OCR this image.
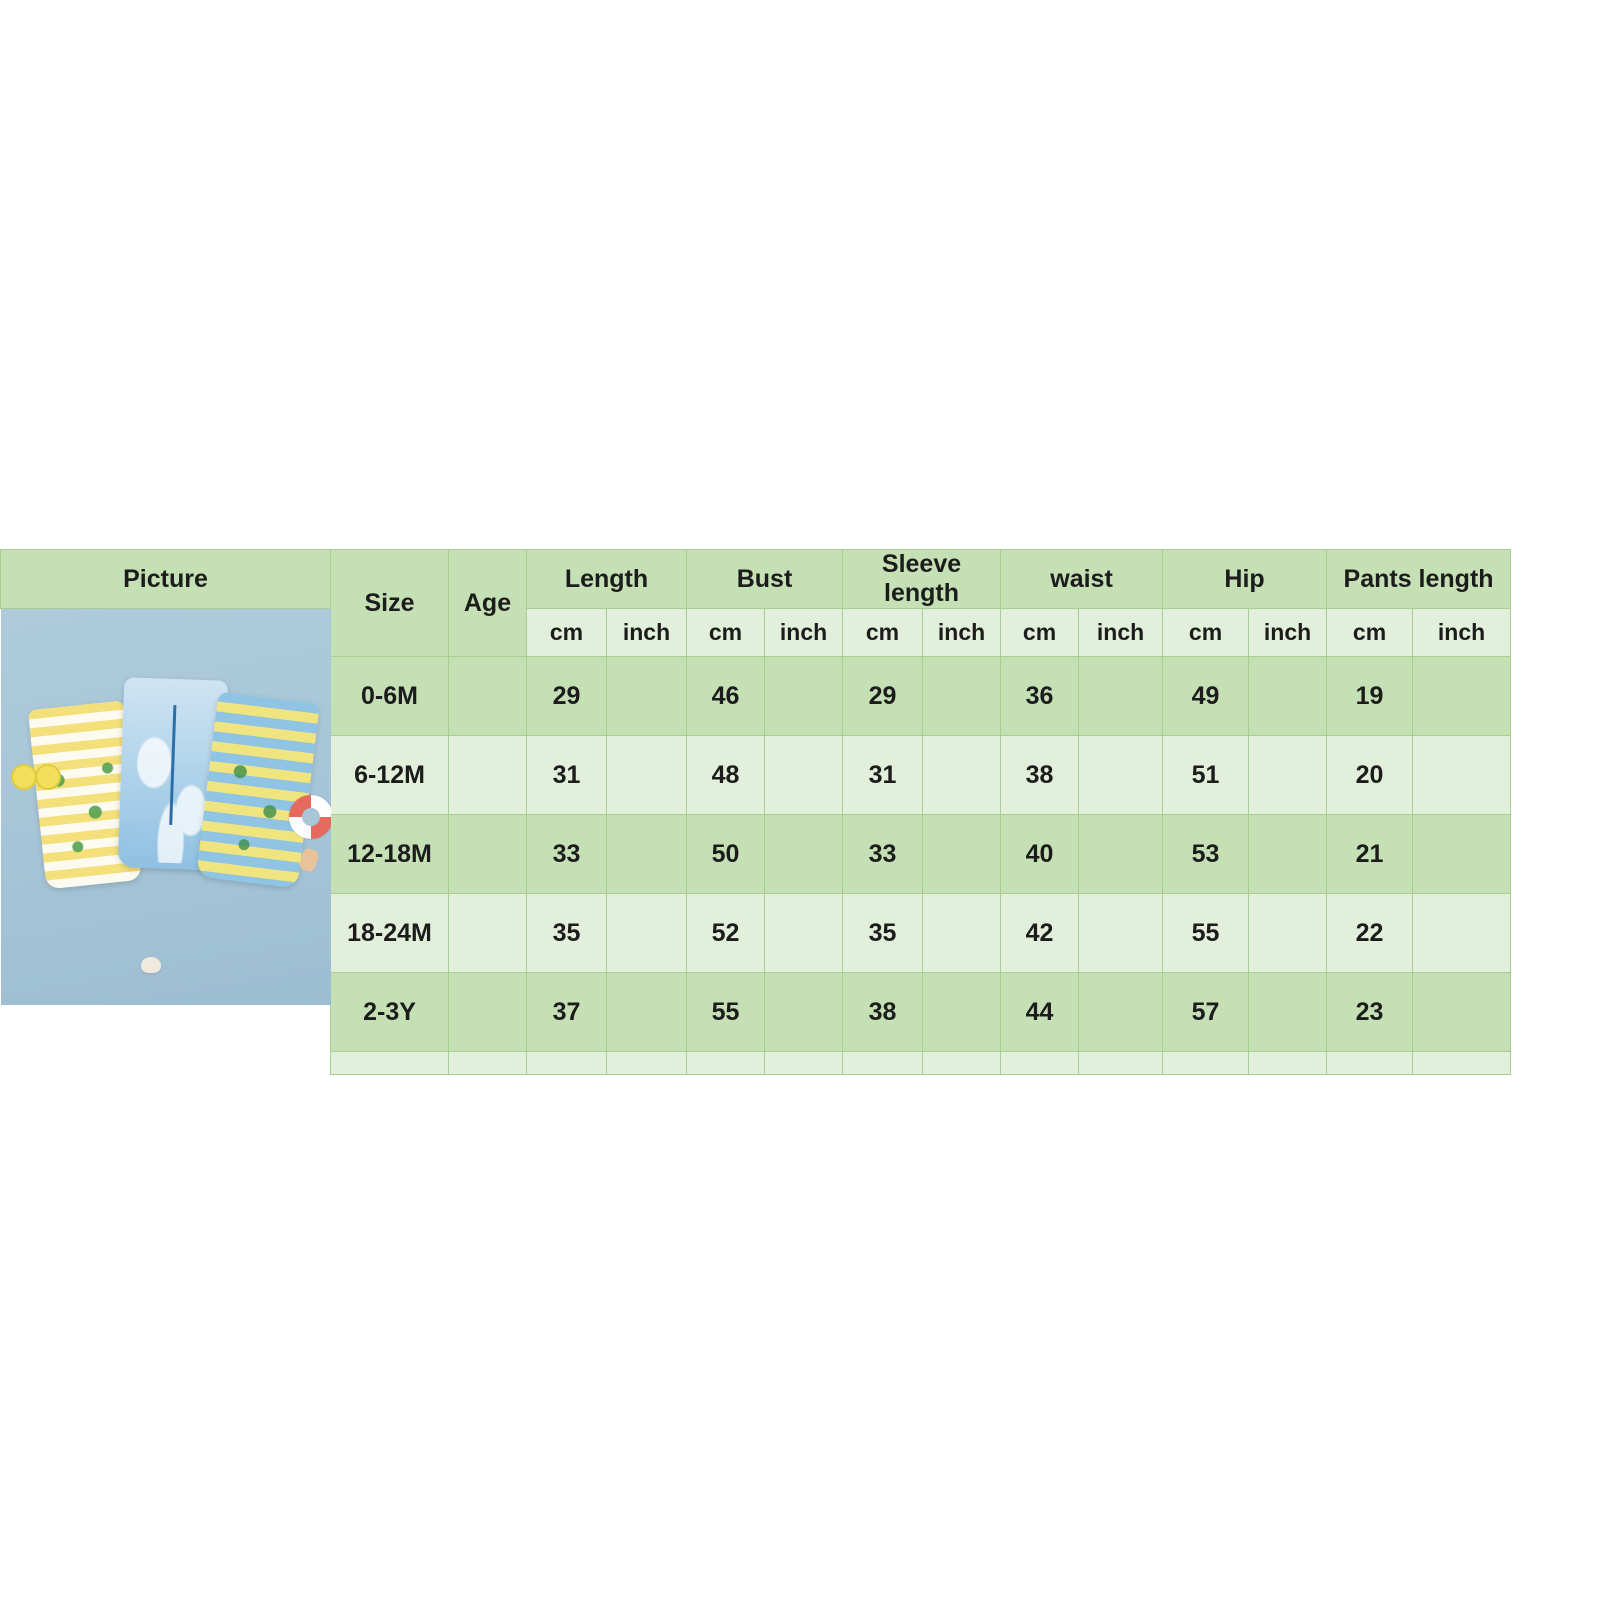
Picture	Size	Age	Length		Bust		Sleeve length		waist		Hip		Pants length	

			cm	inch	cm	inch	cm	inch	cm	inch	cm	inch	cm	inch
	0-6M		29		46		29		36		49		19	
	6-12M		31		48		31		38		51		20	
	12-18M		33		50		33		40		53		21	
	18-24M		35		52		35		42		55		22	
	2-3Y		37		55		38		44		57		23	
